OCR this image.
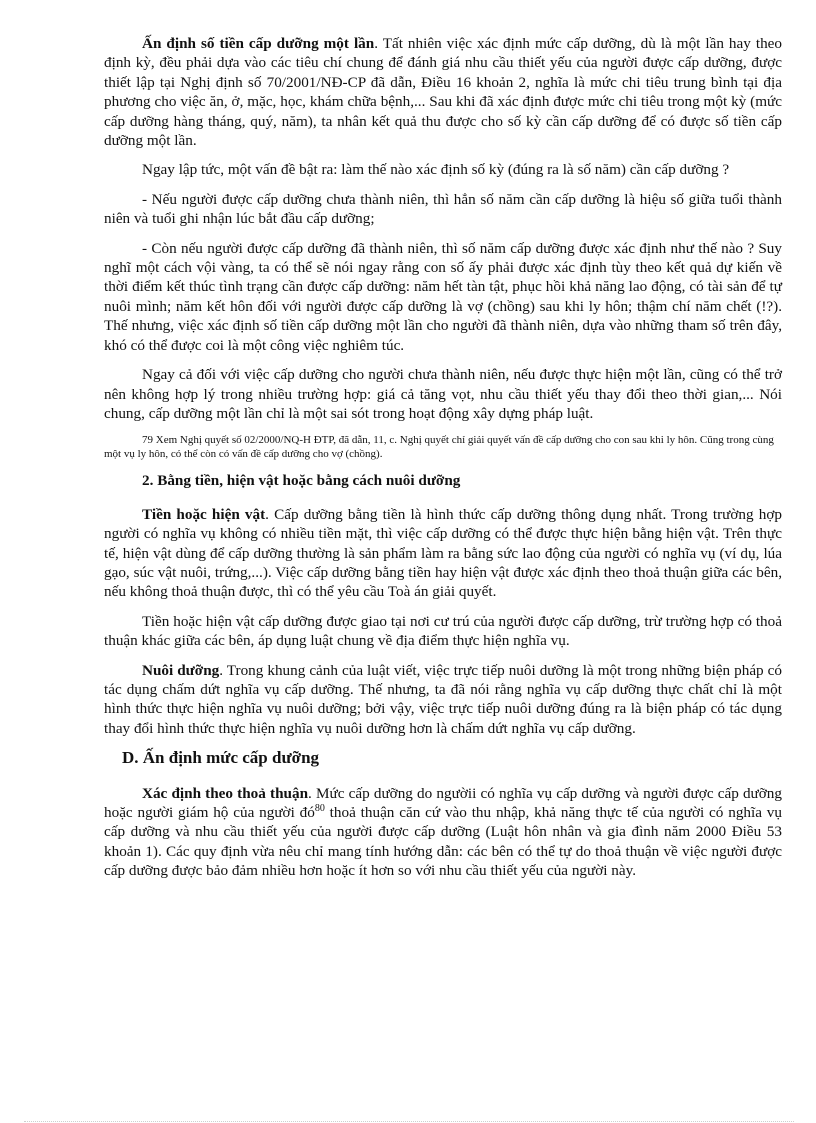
Ấn định số tiền cấp dưỡng một lần. Tất nhiên việc xác định mức cấp dưỡng, dù là một lần hay theo định kỳ, đều phải dựa vào các tiêu chí chung để đánh giá nhu cầu thiết yếu của người được cấp dưỡng, được thiết lập tại Nghị định số 70/2001/NĐ-CP đã dẫn, Điều 16 khoản 2, nghĩa là mức chi tiêu trung bình tại địa phương cho việc ăn, ở, mặc, học, khám chữa bệnh,... Sau khi đã xác định được mức chi tiêu trong một kỳ (mức cấp dưỡng hàng tháng, quý, năm), ta nhân kết quả thu được cho số kỳ cần cấp dưỡng để có được số tiền cấp dưỡng một lần.

Ngay lập tức, một vấn đề bật ra: làm thế nào xác định số kỳ (đúng ra là số năm) cần cấp dưỡng ?

- Nếu người được cấp dưỡng chưa thành niên, thì hẳn số năm cần cấp dưỡng là hiệu số giữa tuổi thành niên và tuổi ghi nhận lúc bắt đầu cấp dưỡng;

- Còn nếu người được cấp dưỡng đã thành niên, thì số năm cấp dưỡng được xác định như thế nào ? Suy nghĩ một cách vội vàng, ta có thể sẽ nói ngay rằng con số ấy phải được xác định tùy theo kết quả dự kiến về thời điểm kết thúc tình trạng cần được cấp dưỡng: năm hết tàn tật, phục hồi khả năng lao động, có tài sản để tự nuôi mình; năm kết hôn đối với người được cấp dưỡng là vợ (chồng) sau khi ly hôn; thậm chí năm chết (!?). Thế nhưng, việc xác định số tiền cấp dưỡng một lần cho người đã thành niên, dựa vào những tham số trên đây, khó có thể được coi là một công việc nghiêm túc.

Ngay cả đối với việc cấp dưỡng cho người chưa thành niên, nếu được thực hiện một lần, cũng có thể trở nên không hợp lý trong nhiều trường hợp: giá cả tăng vọt, nhu cầu thiết yếu thay đổi theo thời gian,... Nói chung, cấp dưỡng một lần chỉ là một sai sót trong hoạt động xây dựng pháp luật.

79 Xem Nghị quyết số 02/2000/NQ-H ĐTP, đã dẫn, 11, c. Nghị quyết chỉ giải quyết vấn đề cấp dưỡng cho con sau khi ly hôn. Cũng trong cùng một vụ ly hôn, có thể còn có vấn đề cấp dưỡng cho vợ (chồng).
2. Bằng tiền, hiện vật hoặc bằng cách nuôi dưỡng

Tiền hoặc hiện vật. Cấp dưỡng bằng tiền là hình thức cấp dưỡng thông dụng nhất. Trong trường hợp người có nghĩa vụ không có nhiều tiền mặt, thì việc cấp dưỡng có thể được thực hiện bằng hiện vật. Trên thực tế, hiện vật dùng để cấp dưỡng thường là sản phẩm làm ra bằng sức lao động của người có nghĩa vụ (ví dụ, lúa gạo, súc vật nuôi, trứng,...). Việc cấp dưỡng bằng tiền hay hiện vật được xác định theo thoả thuận giữa các bên, nếu không thoả thuận được, thì có thể yêu cầu Toà án giải quyết.

Tiền hoặc hiện vật cấp dưỡng được giao tại nơi cư trú của người được cấp dưỡng, trừ trường hợp có thoả thuận khác giữa các bên, áp dụng luật chung về địa điểm thực hiện nghĩa vụ.

Nuôi dưỡng. Trong khung cảnh của luật viết, việc trực tiếp nuôi dưỡng là một trong những biện pháp có tác dụng chấm dứt nghĩa vụ cấp dưỡng. Thế nhưng, ta đã nói rằng nghĩa vụ cấp dưỡng thực chất chỉ là một hình thức thực hiện nghĩa vụ nuôi dưỡng; bởi vậy, việc trực tiếp nuôi dưỡng đúng ra là biện pháp có tác dụng thay đổi hình thức thực hiện nghĩa vụ nuôi dưỡng hơn là chấm dứt nghĩa vụ cấp dưỡng.

D. Ấn định mức cấp dưỡng

Xác định theo thoả thuận. Mức cấp dưỡng do ngườii có nghĩa vụ cấp dưỡng và người được cấp dưỡng hoặc người giám hộ của người $đó^{80}$ thoả thuận căn cứ vào thu nhập, khả năng thực tế của người có nghĩa vụ cấp dưỡng và nhu cầu thiết yếu của người được cấp dưỡng (Luật hôn nhân và gia đình năm 2000 Điều 53 khoản 1). Các quy định vừa nêu chỉ mang tính hướng dẫn: các bên có thể tự do thoả thuận về việc người được cấp dưỡng được bảo đảm nhiều hơn hoặc ít hơn so với nhu cầu thiết yếu của người này.
